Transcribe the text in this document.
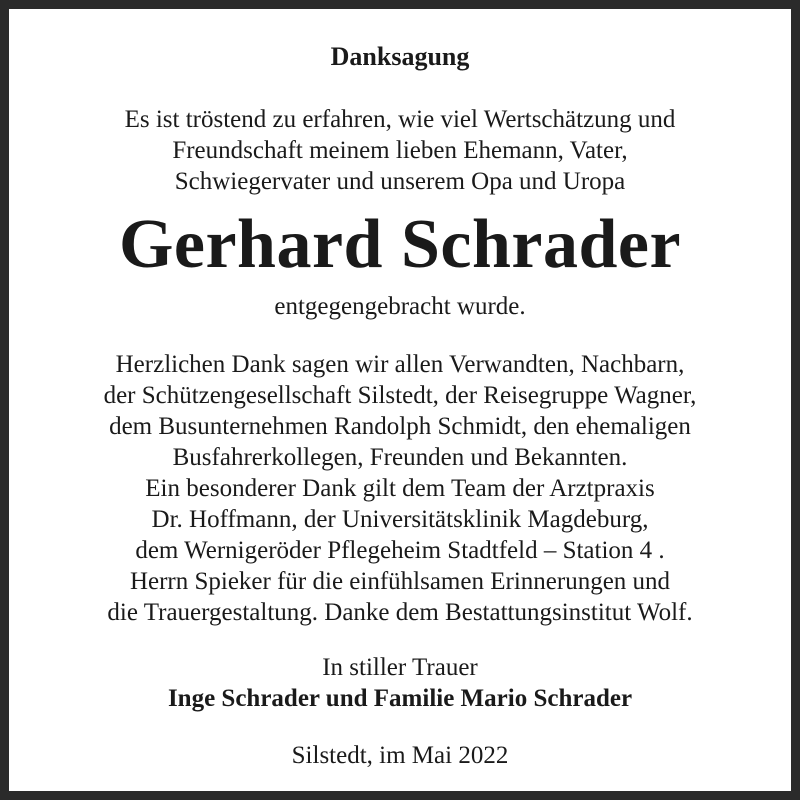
Danksagung

Es ist tröstend zu erfahren, wie viel Wertschätzung und

Freundschaft meinem lieben Ehemann, Vater,

Schwiegervater und unserem Opa und Uropa

Gerhard Schrader

entgegengebracht wurde.

Herzlichen Dank sagen wir allen Verwandten, Nachbarn,

der Schützengesellschaft Silstedt, der Reisegruppe Wagner,

dem Busunternehmen Randolph Schmidt, den ehemaligen

Busfahrerkollegen, Freunden und Bekannten.

Ein besonderer Dank gilt dem Team der Arztpraxis

Dr. Hoffmann, der Universitätsklinik Magdeburg,

dem Wernigeröder Pflegeheim Stadtfeld – Station 4 .

Herrn Spieker für die einfühlsamen Erinnerungen und

die Trauergestaltung. Danke dem Bestattungsinstitut Wolf.

In stiller Trauer

Inge Schrader und Familie Mario Schrader

Silstedt, im Mai 2022
